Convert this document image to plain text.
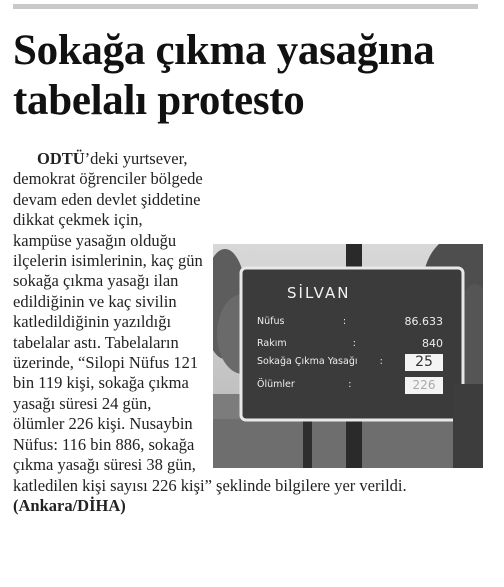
Sokağa çıkma yasağına
tabelalı protesto
SİLVAN
Nüfus	:	86.633
Rakım	:	840
Sokağa Çıkma Yasağı :	25
Ölümler	:	226
ODTÜ’deki yurtsever, demokrat öğrenciler bölgede devam eden devlet şiddetine dikkat çekmek için, kampüse yasağın olduğu ilçelerin isimlerinin, kaç gün sokağa çıkma yasağı ilan edildiğinin ve kaç sivilin katledildiğinin yazıldığı tabelalar astı. Tabelaların üzerinde, “Silopi Nüfus 121 bin 119 kişi, sokağa çıkma yasağı süresi 24 gün, ölümler 226 kişi. Nusaybin Nüfus: 116 bin 886, sokağa çıkma yasağı süresi 38 gün, katledilen kişi sayısı 226 kişi” şeklinde bilgilere yer verildi. (Ankara/DİHA)
